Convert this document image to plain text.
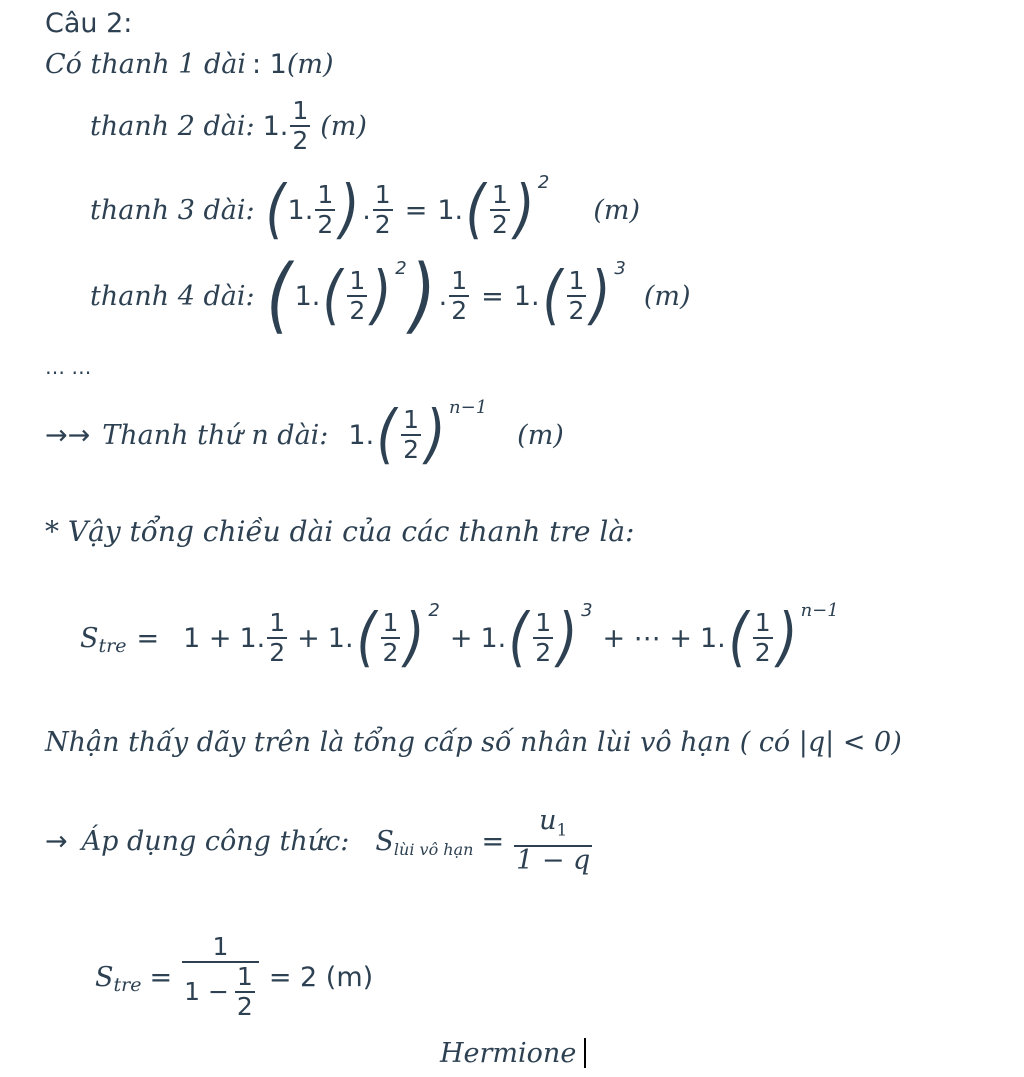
Câu 2:
Có thanh 1 dài : 1 (m)
thanh 2 dài: 1. $\frac{1}{2} (m)$
thanh 3 dài: ( 1. $\frac{1}{2}$ ) . $\frac{1}{2} = 1$. ( $\frac{1}{2} )^2$
(m)
thanh 4 dài: ( 1. ( $\frac{1}{2} )^2$ ) . $\frac{1}{2} = 1$. ( $\frac{1}{2} )^3$
(m)
… …
→→ Thanh thứ n dài: 1. ( $\frac{1}{2} )^{n-1}$
(m)
* Vậy tổng chiều dài của các thanh tre là:
$S_{tre} = 1 + 1$. $\frac{1}{2} + 1$. ( $\frac{1}{2} )^2$
+ 1. ( $\frac{1}{2} )^3$
+ ⋯ + 1. ( $\frac{1}{2} )^{n-1}$
Nhận thấy dãy trên là tổng cấp số nhân lùi vô hạn ( có |q| < 0)
→ Áp dụng công thức: $S_{lùi vô hạn} = \frac{u_1}{1 - q}$
$S_{tre} = \frac{1}{1 - \frac{1}{2}} = 2$ (m)
Hermione
